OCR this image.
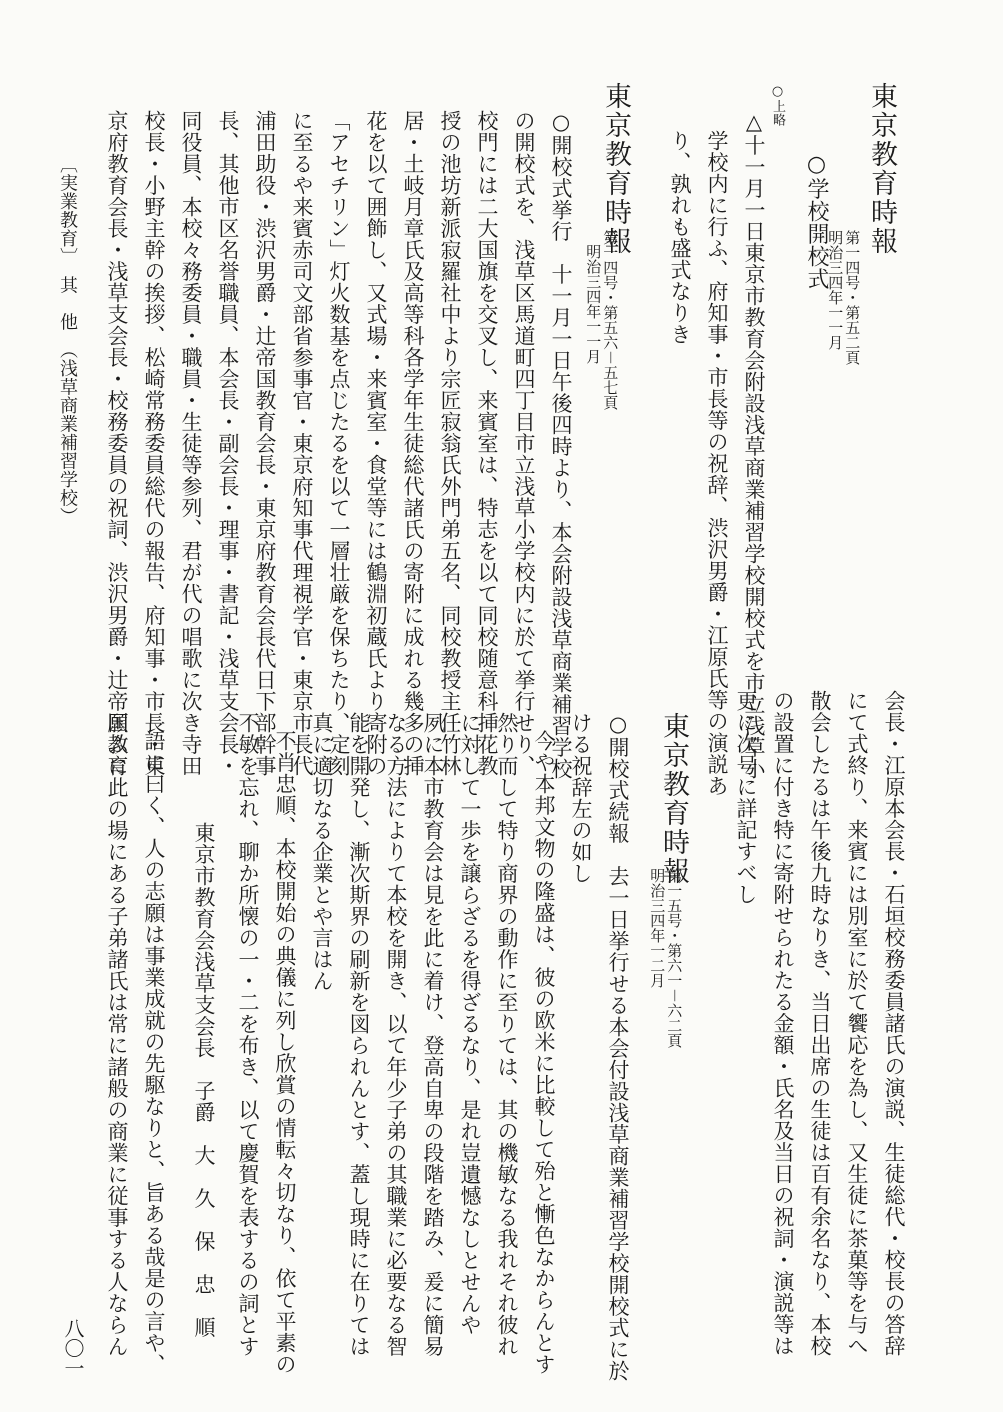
東京教育時報
第一四号・第五二頁
明治三四年一一月
○学校開校式
○上略
△十一月一日東京市教育会附設浅草商業補習学校開校式を市立浅草小
学校内に行ふ、府知事・市長等の祝辞、渋沢男爵・江原氏等の演説あ
り、孰れも盛式なりき
東京教育時報
第一四号・第五六－五七頁
明治三四年一一月
○開校式挙行　十一月一日午後四時より、本会附設浅草商業補習学校
の開校式を、浅草区馬道町四丁目市立浅草小学校内に於て挙行せり、
校門には二大国旗を交叉し、来賓室は、特志を以て同校随意科挿花教
授の池坊新派寂羅社中より宗匠寂翁氏外門弟五名、同校教授主任竹林
居・土岐月章氏及高等科各学年生徒総代諸氏の寄附に成れる幾多の挿
花を以て囲飾し、又式場・来賓室・食堂等には鶴淵初蔵氏より寄附の
「アセチリン」灯火数基を点じたるを以て一層壮厳を保ちたり、定刻
に至るや来賓赤司文部省参事官・東京府知事代理視学官・東京市長代
浦田助役・渋沢男爵・辻帝国教育会長・東京府教育会長代日下部幹事
長、其他市区名誉職員、本会長・副会長・理事・書記・浅草支会長・
同役員、本校々務委員・職員・生徒等参列、君が代の唱歌に次き寺田
校長・小野主幹の挨拶、松崎常務委員総代の報告、府知事・市長・東
京府教育会長・浅草支会長・校務委員の祝詞、渋沢男爵・辻帝国教育
〔実業教育〕　其　他　（浅草商業補習学校）
会長・江原本会長・石垣校務委員諸氏の演説、生徒総代・校長の答辞
にて式終り、来賓には別室に於て饗応を為し、又生徒に茶菓等を与へ
散会したるは午後九時なりき、当日出席の生徒は百有余名なり、本校
の設置に付き特に寄附せられたる金額・氏名及当日の祝詞・演説等は
更に次号に詳記すべし
東京教育時報
第一五号・第六一－六二頁
明治三四年一二月
○開校式続報　去一日挙行せる本会付設浅草商業補習学校開校式に於
ける祝辞左の如し
今や本邦文物の隆盛は、彼の欧米に比較して殆と慚色なからんとす
然り而して特り商界の動作に至りては、其の機敏なる我れそれ彼れ
に対して一歩を譲らざるを得ざるなり、是れ豈遺憾なしとせんや
夙に本市教育会は見を此に着け、登高自卑の段階を踏み、爰に簡易
なる方法によりて本校を開き、以て年少子弟の其職業に必要なる智
能を開発し、漸次斯界の刷新を図られんとす、蓋し現時に在りては
真に適切なる企業とや言はん
不肖忠順、本校開始の典儀に列し欣賞の情転々切なり、依て平素の
不敏を忘れ、聊か所懐の一・二を布き、以て慶賀を表するの詞とす
東京市教育会浅草支会長　子爵　大　久　保　忠　順
語に曰く、人の志願は事業成就の先駆なりと、旨ある哉是の言や、
願ふに此の場にある子弟諸氏は常に諸般の商業に従事する人ならん
八〇一
